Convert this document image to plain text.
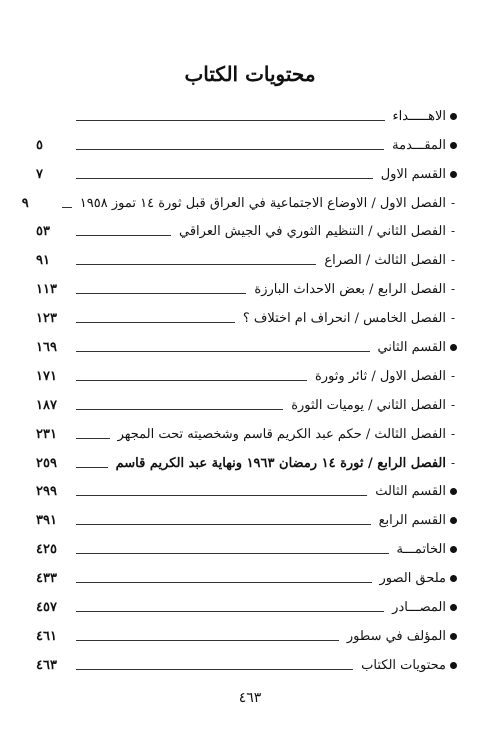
محتويات الكتاب
الاهـــــداء
المقـــدمة
٥
القسم الاول
٧
-
الفصل الاول / الاوضاع الاجتماعية في العراق قبل ثورة ١٤ تموز ١٩٥٨
٩
-
الفصل الثاني / التنظيم الثوري في الجيش العراقي
٥٣
-
الفصل الثالث / الصراع
٩١
-
الفصل الرابع / بعض الاحداث البارزة
١١٣
-
الفصل الخامس / انحراف ام اختلاف ؟
١٢٣
القسم الثاني
١٦٩
-
الفصل الاول / ثائر وثورة
١٧١
-
الفصل الثاني / يوميات الثورة
١٨٧
-
الفصل الثالث / حكم عبد الكريم قاسم وشخصيته تحت المجهر
٢٣١
-
الفصل الرابع / ثورة ١٤ رمضان ١٩٦٣ ونهاية عبد الكريم قاسم
٢٥٩
القسم الثالث
٢٩٩
القسم الرابع
٣٩١
الخاتمـــة
٤٢٥
ملحق الصور
٤٣٣
المصـــادر
٤٥٧
المؤلف في سطور
٤٦١
محتويات الكتاب
٤٦٣
٤٦٣
